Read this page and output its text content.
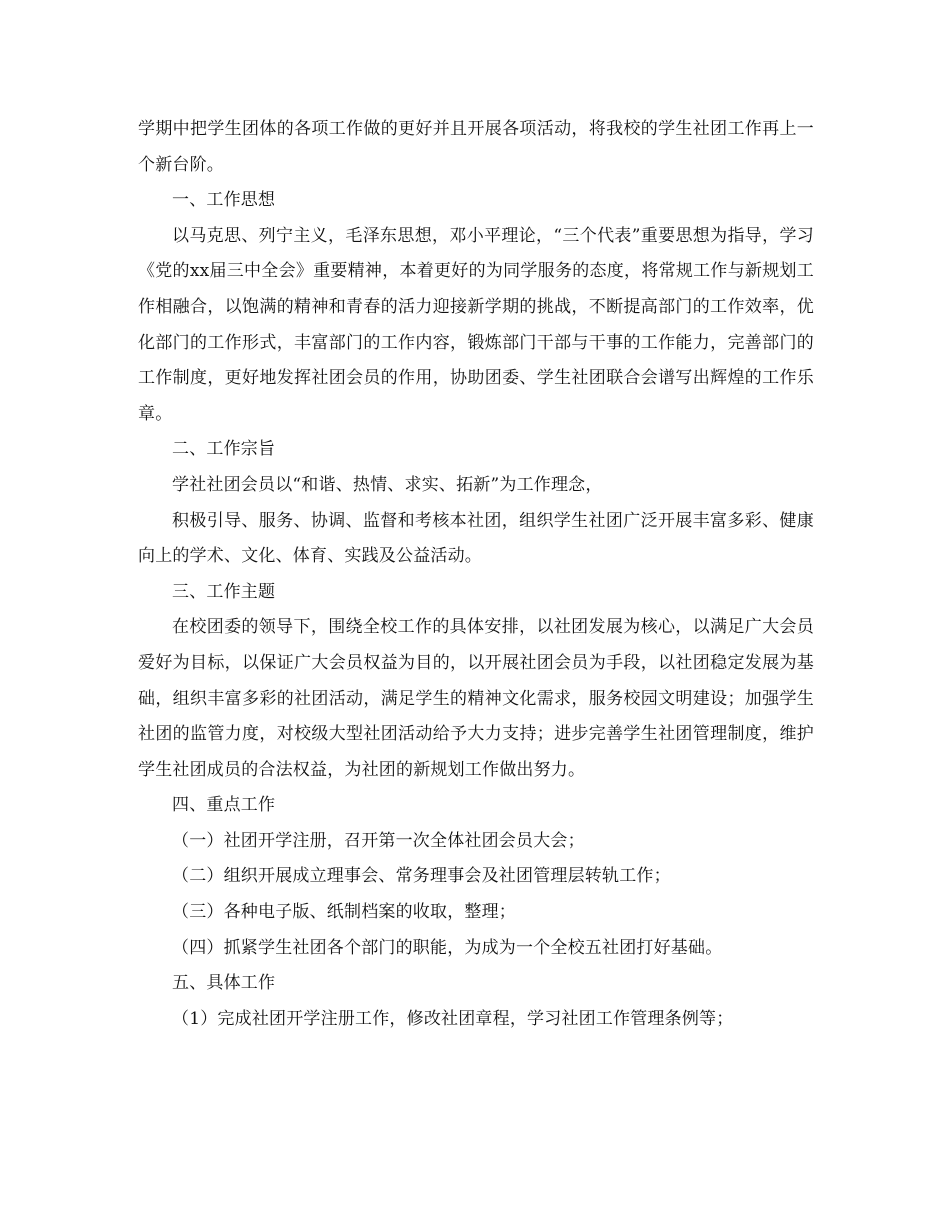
学期中把学生团体的各项工作做的更好并且开展各项活动，将我校的学生社团工作再上一个新台阶。

一、工作思想

以马克思、列宁主义，毛泽东思想，邓小平理论，“三个代表”重要思想为指导，学习《党的xx届三中全会》重要精神，本着更好的为同学服务的态度，将常规工作与新规划工作相融合，以饱满的精神和青春的活力迎接新学期的挑战，不断提高部门的工作效率，优化部门的工作形式，丰富部门的工作内容，锻炼部门干部与干事的工作能力，完善部门的工作制度，更好地发挥社团会员的作用，协助团委、学生社团联合会谱写出辉煌的工作乐章。

二、工作宗旨

学社社团会员以“和谐、热情、求实、拓新”为工作理念，

积极引导、服务、协调、监督和考核本社团，组织学生社团广泛开展丰富多彩、健康向上的学术、文化、体育、实践及公益活动。

三、工作主题

在校团委的领导下，围绕全校工作的具体安排，以社团发展为核心，以满足广大会员爱好为目标，以保证广大会员权益为目的，以开展社团会员为手段，以社团稳定发展为基础，组织丰富多彩的社团活动，满足学生的精神文化需求，服务校园文明建设；加强学生社团的监管力度，对校级大型社团活动给予大力支持；进步完善学生社团管理制度，维护学生社团成员的合法权益，为社团的新规划工作做出努力。

四、重点工作

（一）社团开学注册，召开第一次全体社团会员大会；

（二）组织开展成立理事会、常务理事会及社团管理层转轨工作；

（三）各种电子版、纸制档案的收取，整理；

（四）抓紧学生社团各个部门的职能，为成为一个全校五社团打好基础。

五、具体工作

（1）完成社团开学注册工作，修改社团章程，学习社团工作管理条例等；
